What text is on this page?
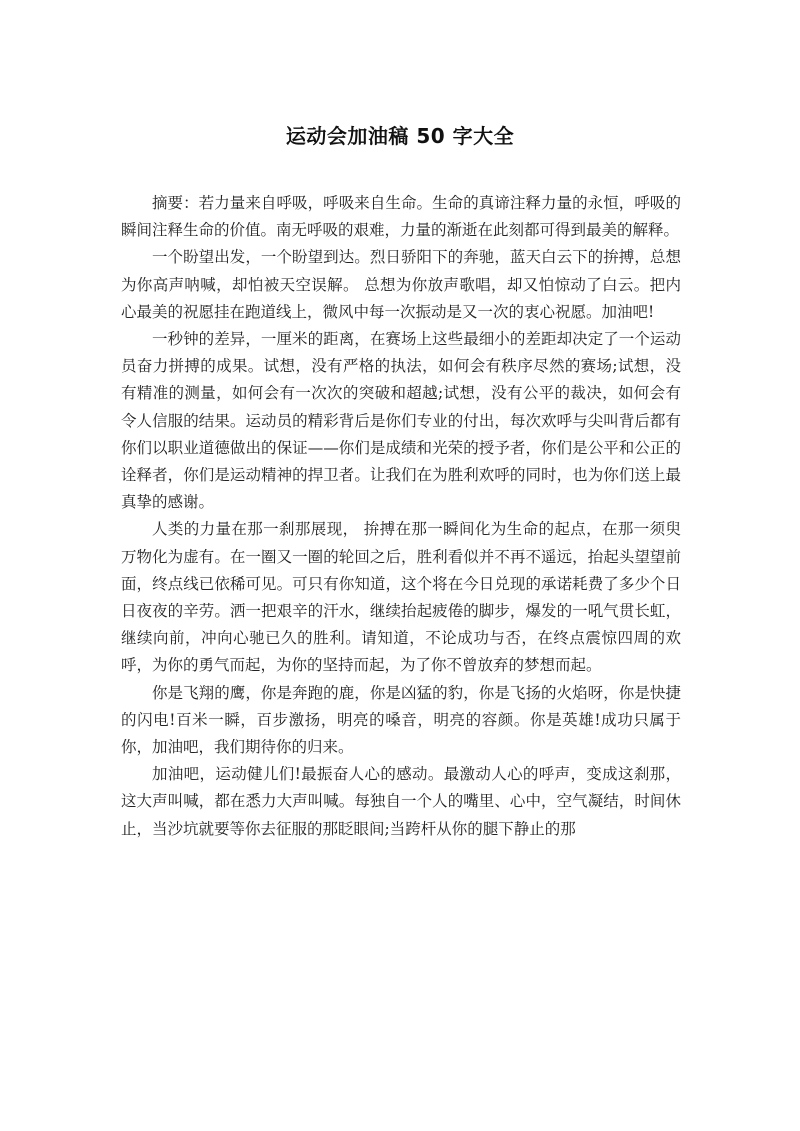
运动会加油稿 50 字大全

摘要：若力量来自呼吸，呼吸来自生命。生命的真谛注释力量的永恒，呼吸的瞬间注释生命的价值。南无呼吸的艰难，力量的渐逝在此刻都可得到最美的解释。

一个盼望出发，一个盼望到达。烈日骄阳下的奔驰，蓝天白云下的拚搏，总想为你高声呐喊，却怕被天空误解。 总想为你放声歌唱，却又怕惊动了白云。把内心最美的祝愿挂在跑道线上，微风中每一次振动是又一次的衷心祝愿。加油吧!

一秒钟的差异，一厘米的距离，在赛场上这些最细小的差距却决定了一个运动员奋力拼搏的成果。试想，没有严格的执法，如何会有秩序尽然的赛场;试想，没有精准的测量，如何会有一次次的突破和超越;试想，没有公平的裁决，如何会有令人信服的结果。运动员的精彩背后是你们专业的付出，每次欢呼与尖叫背后都有你们以职业道德做出的保证——你们是成绩和光荣的授予者，你们是公平和公正的诠释者，你们是运动精神的捍卫者。让我们在为胜利欢呼的同时，也为你们送上最真挚的感谢。

人类的力量在那一刹那展现， 拚搏在那一瞬间化为生命的起点，在那一须臾万物化为虚有。在一圈又一圈的轮回之后，胜利看似并不再不遥远，抬起头望望前面，终点线已依稀可见。可只有你知道，这个将在今日兑现的承诺耗费了多少个日日夜夜的辛劳。洒一把艰辛的汗水，继续抬起疲倦的脚步，爆发的一吼气贯长虹，继续向前，冲向心驰已久的胜利。请知道，不论成功与否，在终点震惊四周的欢呼，为你的勇气而起，为你的坚持而起，为了你不曾放弃的梦想而起。

你是飞翔的鹰，你是奔跑的鹿，你是凶猛的豹，你是飞扬的火焰呀，你是快捷的闪电!百米一瞬，百步激扬，明亮的嗓音，明亮的容颜。你是英雄!成功只属于你，加油吧，我们期待你的归来。

加油吧，运动健儿们!最振奋人心的感动。最激动人心的呼声，变成这刹那，这大声叫喊，都在悉力大声叫喊。每独自一个人的嘴里、心中，空气凝结，时间休止，当沙坑就要等你去征服的那眨眼间;当跨杆从你的腿下静止的那
